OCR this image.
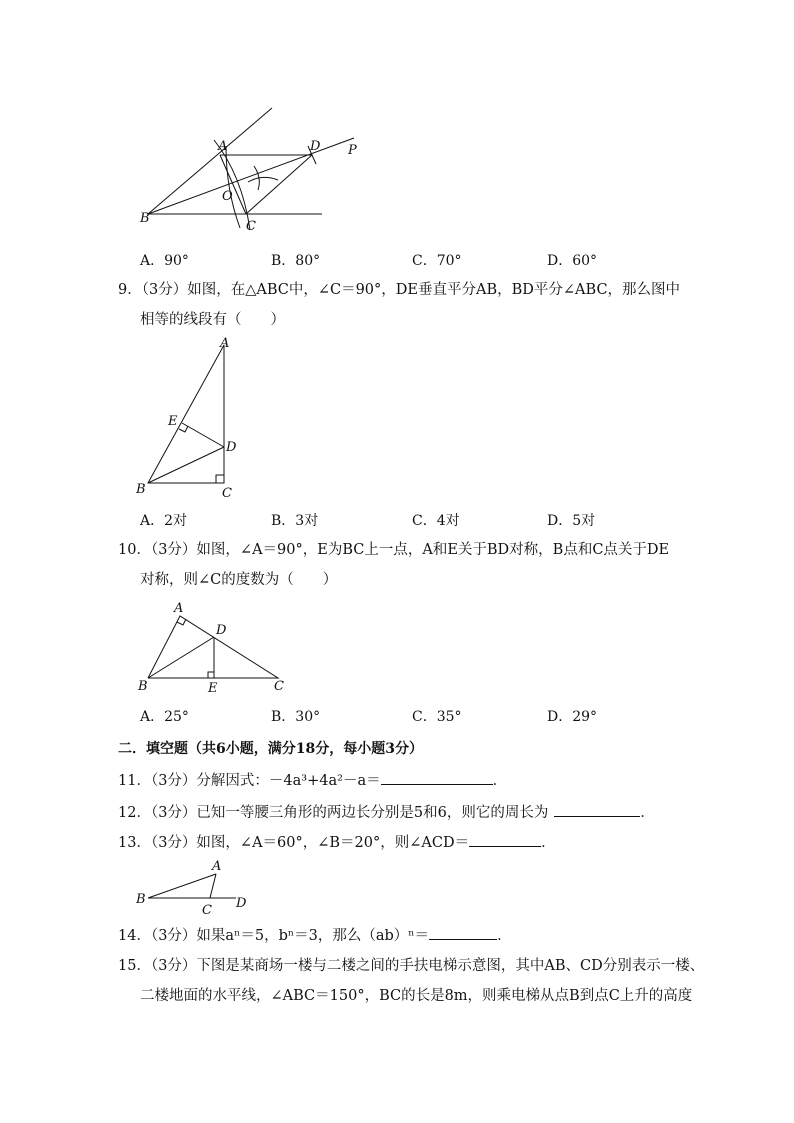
A	D P
O
B
C
A．90°	B．80°	C．70°	D．60°
9．（3分）如图，在△ABC中，∠C＝90°，DE垂直平分AB，BD平分∠ABC，那么图中
相等的线段有（　　）
A
E
D
B	C
A．2对	B．3对	C．4对	D．5对
10．（3分）如图，∠A＝90°，E为BC上一点，A和E关于BD对称，B点和C点关于DE
对称，则∠C的度数为（　　）
A
D
B	E	C
A．25°	B．30°	C．35°	D．29°
二．填空题（共6小题，满分18分，每小题3分）
11．（3分）分解因式：－4a³+4a²－a＝	．
12．（3分）已知一等腰三角形的两边长分别是5和6，则它的周长为	．
13．（3分）如图，∠A＝60°，∠B＝20°，则∠ACD＝	．
A
B
C D
14．（3分）如果aⁿ＝5，bⁿ＝3，那么（ab）ⁿ＝	．
15．（3分）下图是某商场一楼与二楼之间的手扶电梯示意图，其中AB、CD分别表示一楼、
二楼地面的水平线，∠ABC＝150°，BC的长是8m，则乘电梯从点B到点C上升的高度
